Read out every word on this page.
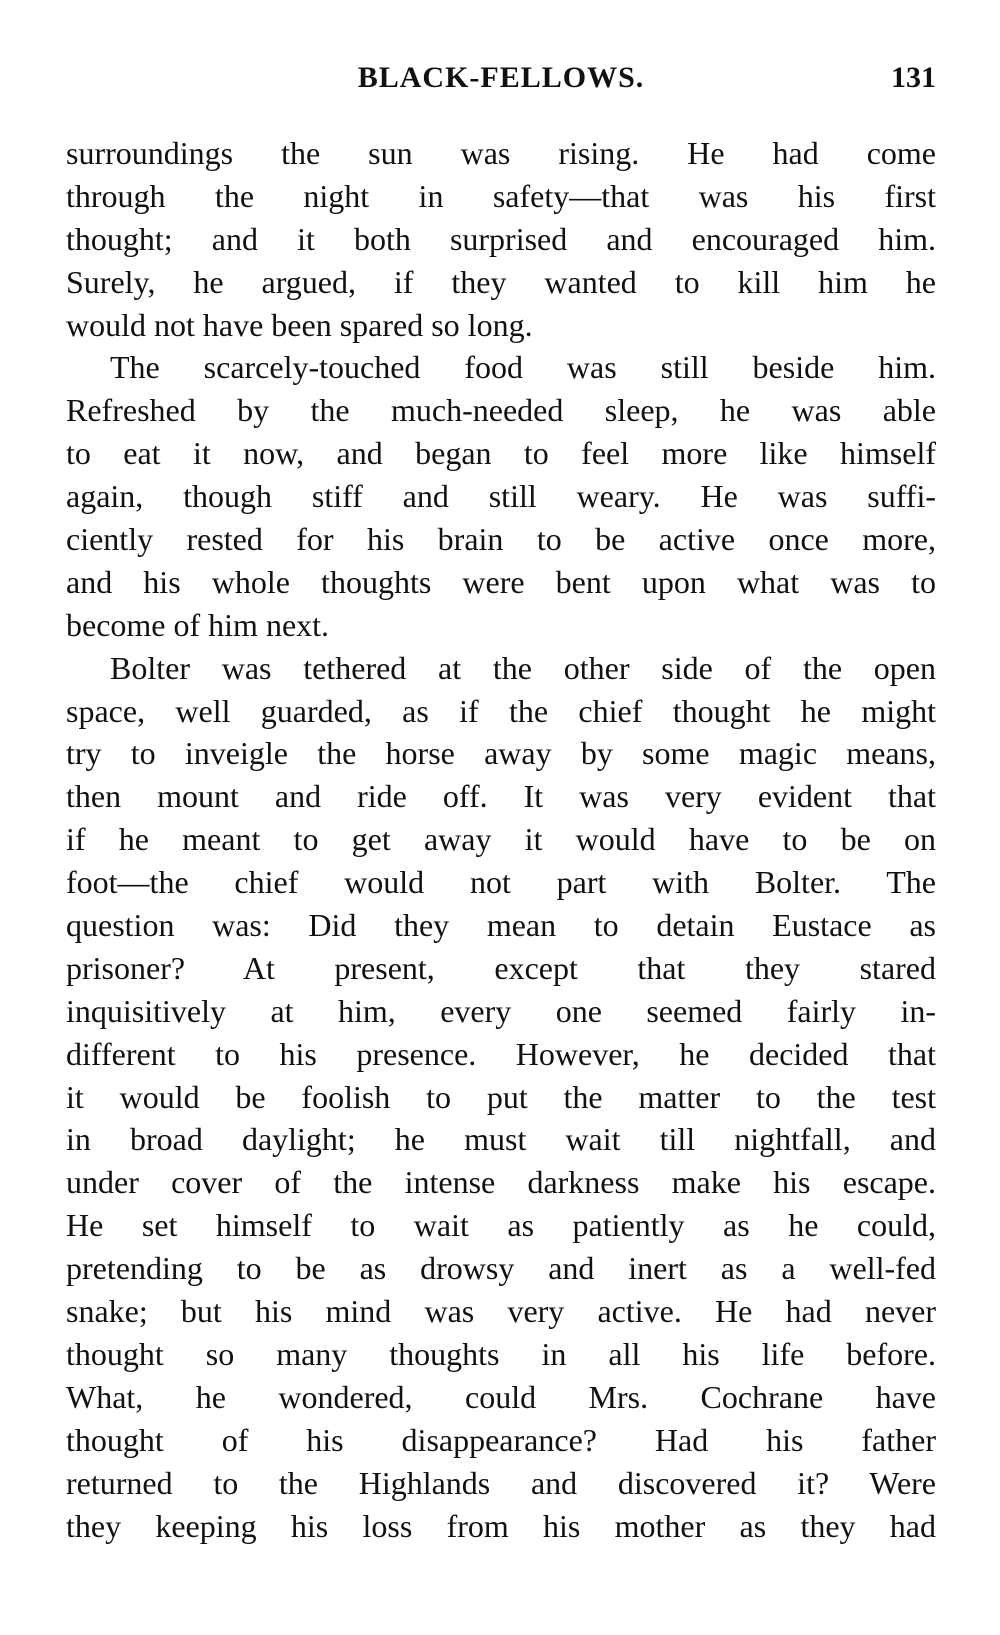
BLACK-FELLOWS.	131
surroundings the sun was rising. He had come
through the night in safety—that was his first
thought; and it both surprised and encouraged him.
Surely, he argued, if they wanted to kill him he
would not have been spared so long.
The scarcely-touched food was still beside him.
Refreshed by the much-needed sleep, he was able
to eat it now, and began to feel more like himself
again, though stiff and still weary. He was suffi-
ciently rested for his brain to be active once more,
and his whole thoughts were bent upon what was to
become of him next.
Bolter was tethered at the other side of the open
space, well guarded, as if the chief thought he might
try to inveigle the horse away by some magic means,
then mount and ride off. It was very evident that
if he meant to get away it would have to be on
foot—the chief would not part with Bolter. The
question was: Did they mean to detain Eustace as
prisoner? At present, except that they stared
inquisitively at him, every one seemed fairly in-
different to his presence. However, he decided that
it would be foolish to put the matter to the test
in broad daylight; he must wait till nightfall, and
under cover of the intense darkness make his escape.
He set himself to wait as patiently as he could,
pretending to be as drowsy and inert as a well-fed
snake; but his mind was very active. He had never
thought so many thoughts in all his life before.
What, he wondered, could Mrs. Cochrane have
thought of his disappearance? Had his father
returned to the Highlands and discovered it? Were
they keeping his loss from his mother as they had
